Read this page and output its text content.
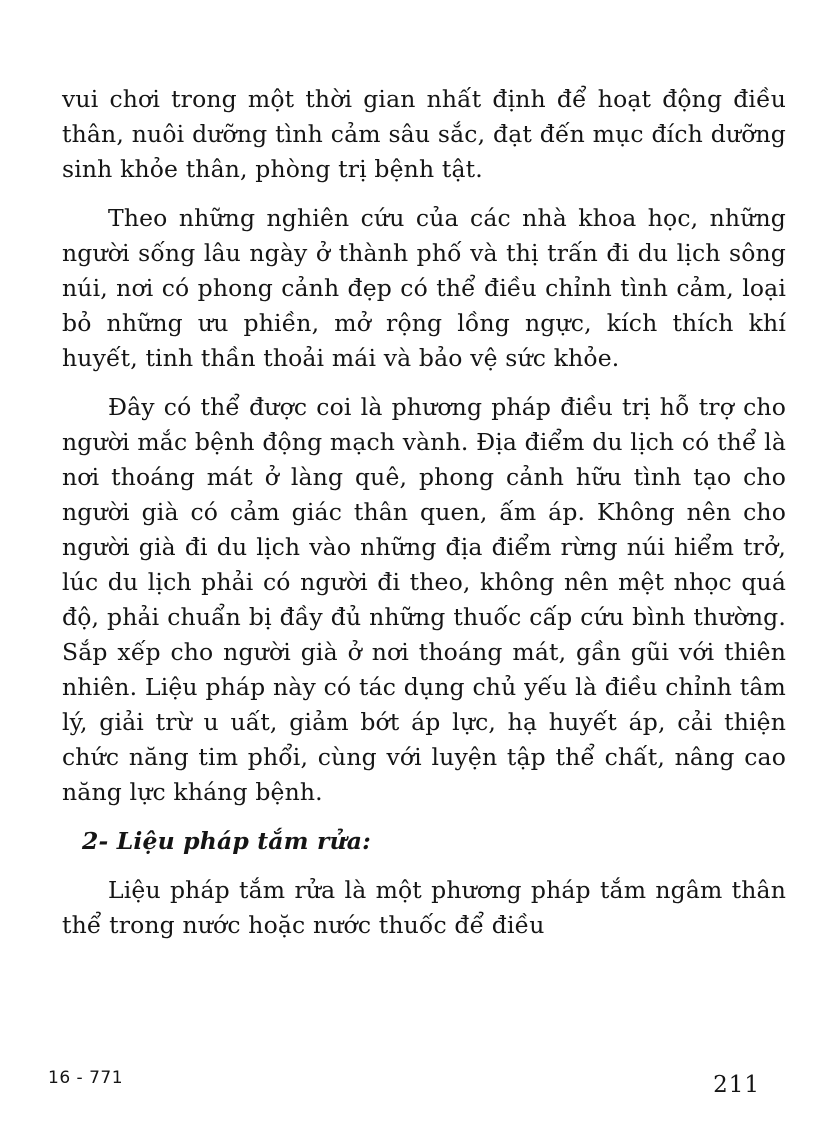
vui chơi trong một thời gian nhất định để hoạt động điều thân, nuôi dưỡng tình cảm sâu sắc, đạt đến mục đích dưỡng sinh khỏe thân, phòng trị bệnh tật.

Theo những nghiên cứu của các nhà khoa học, những người sống lâu ngày ở thành phố và thị trấn đi du lịch sông núi, nơi có phong cảnh đẹp có thể điều chỉnh tình cảm, loại bỏ những ưu phiền, mở rộng lồng ngực, kích thích khí huyết, tinh thần thoải mái và bảo vệ sức khỏe.

Đây có thể được coi là phương pháp điều trị hỗ trợ cho người mắc bệnh động mạch vành. Địa điểm du lịch có thể là nơi thoáng mát ở làng quê, phong cảnh hữu tình tạo cho người già có cảm giác thân quen, ấm áp. Không nên cho người già đi du lịch vào những địa điểm rừng núi hiểm trở, lúc du lịch phải có người đi theo, không nên mệt nhọc quá độ, phải chuẩn bị đầy đủ những thuốc cấp cứu bình thường. Sắp xếp cho người già ở nơi thoáng mát, gần gũi với thiên nhiên. Liệu pháp này có tác dụng chủ yếu là điều chỉnh tâm lý, giải trừ u uất, giảm bớt áp lực, hạ huyết áp, cải thiện chức năng tim phổi, cùng với luyện tập thể chất, nâng cao năng lực kháng bệnh.

2- Liệu pháp tắm rửa:

Liệu pháp tắm rửa là một phương pháp tắm ngâm thân thể trong nước hoặc nước thuốc để điều

16 - 771	211
